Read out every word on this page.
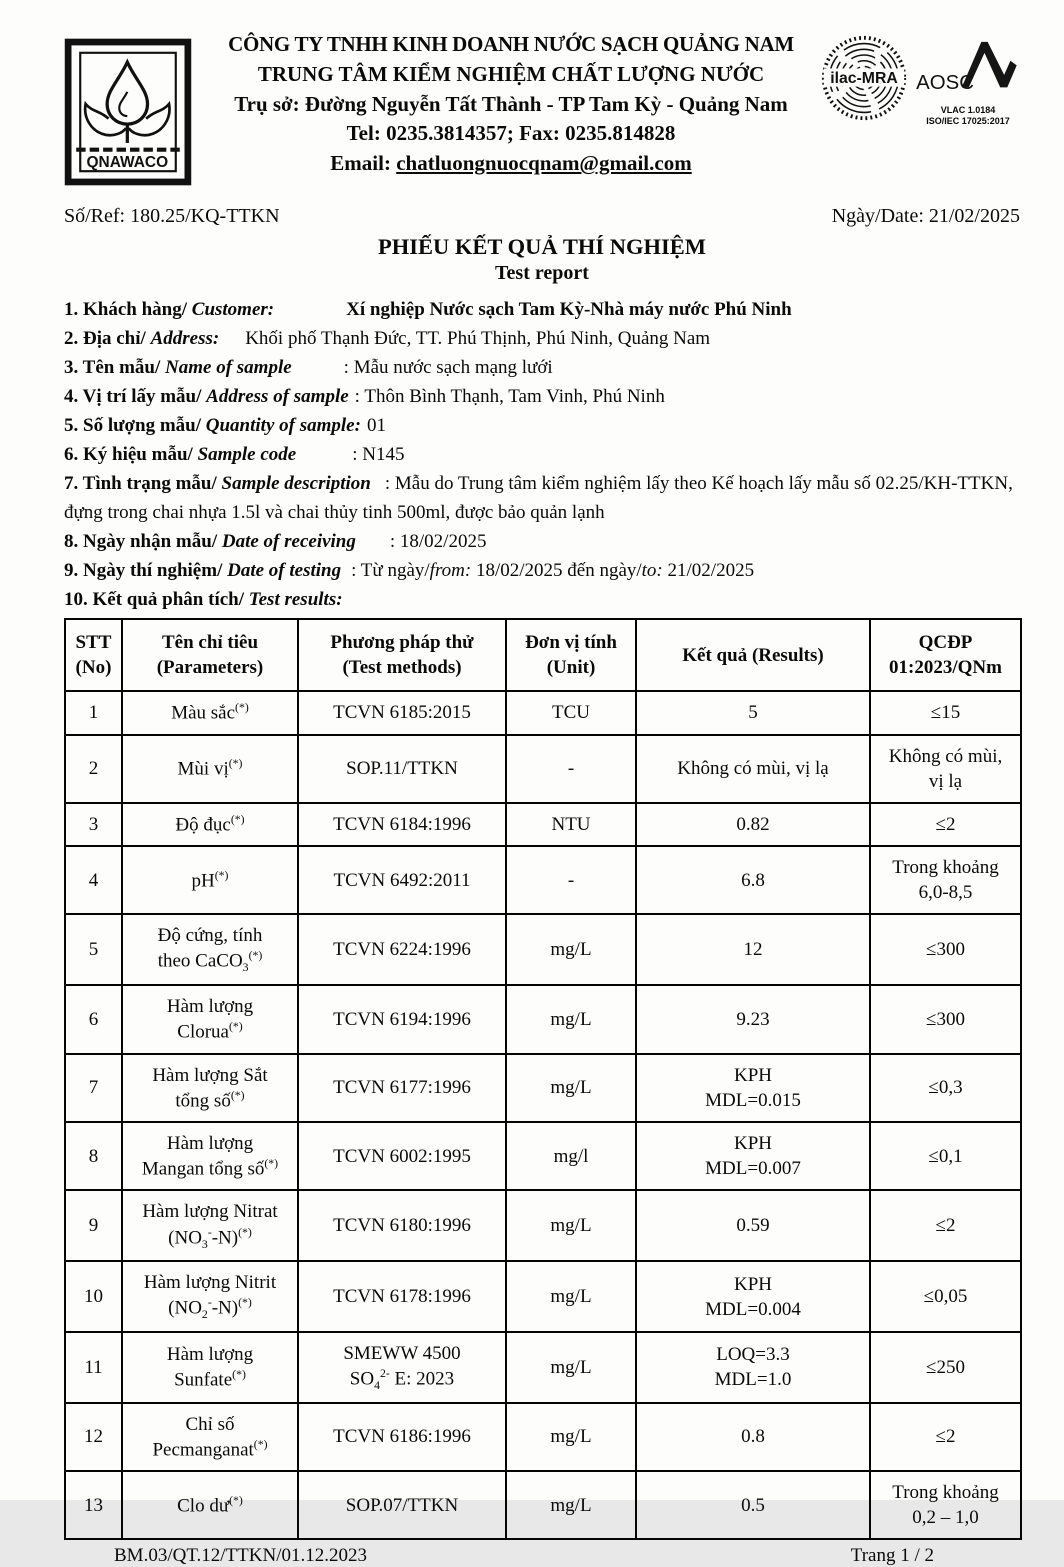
QNAWACO
CÔNG TY TNHH KINH DOANH NƯỚC SẠCH QUẢNG NAM
TRUNG TÂM KIỂM NGHIỆM CHẤT LƯỢNG NƯỚC
Trụ sở: Đường Nguyễn Tất Thành - TP Tam Kỳ - Quảng Nam
Tel: 0235.3814357; Fax: 0235.814828
Email: chatluongnuocqnam@gmail.com
ilac-MRA AOSC
VLAC 1.0184
ISO/IEC 17025:2017
Số/Ref: 180.25/KQ-TTKN	Ngày/Date: 21/02/2025
PHIẾU KẾT QUẢ THÍ NGHIỆM
Test report
1. Khách hàng/ Customer:	Xí nghiệp Nước sạch Tam Kỳ-Nhà máy nước Phú Ninh
2. Địa chỉ/ Address: Khối phố Thạnh Đức, TT. Phú Thịnh, Phú Ninh, Quảng Nam
3. Tên mẫu/ Name of sample	: Mẫu nước sạch mạng lưới
4. Vị trí lấy mẫu/ Address of sample : Thôn Bình Thạnh, Tam Vinh, Phú Ninh
5. Số lượng mẫu/ Quantity of sample: 01
6. Ký hiệu mẫu/ Sample code	: N145
7. Tình trạng mẫu/ Sample description : Mẫu do Trung tâm kiểm nghiệm lấy theo Kế hoạch lấy mẫu số 02.25/KH-TTKN, đựng trong chai nhựa 1.5l và chai thủy tinh 500ml, được bảo quản lạnh
8. Ngày nhận mẫu/ Date of receiving : 18/02/2025
9. Ngày thí nghiệm/ Date of testing : Từ ngày/from: 18/02/2025 đến ngày/to: 21/02/2025
10. Kết quả phân tích/ Test results:
STT
(No)	Tên chỉ tiêu
(Parameters)	Phương pháp thử
(Test methods)	Đơn vị tính
(Unit)	Kết quả (Results)	QCĐP
01:2023/QNm
1	Màu sắc(*)	TCVN 6185:2015	TCU	5	≤15
2	Mùi vị(*)	SOP.11/TTKN	-	Không có mùi, vị lạ	Không có mùi,
vị lạ
3	Độ đục(*)	TCVN 6184:1996	NTU	0.82	≤2
4	pH(*)	TCVN 6492:2011	-	6.8	Trong khoảng
6,0-8,5
5	Độ cứng, tính
theo CaCO$_3$(*)	TCVN 6224:1996	mg/L	12	≤300
6	Hàm lượng
Clorua(*)	TCVN 6194:1996	mg/L	9.23	≤300
7	Hàm lượng Sắt
tổng số(*)	TCVN 6177:1996	mg/L	KPH
MDL=0.015	≤0,3
8	Hàm lượng
Mangan tổng số(*)	TCVN 6002:1995	mg/l	KPH
MDL=0.007	≤0,1
9	Hàm lượng Nitrat
$(NO_3^--N)^{(*)}$	TCVN 6180:1996	mg/L	0.59	≤2
10	Hàm lượng Nitrit
$(NO_2^--N)^{(*)}$	TCVN 6178:1996	mg/L	KPH
MDL=0.004	≤0,05
11	Hàm lượng
Sunfate(*)	SMEWW 4500
$SO_4^{2-}$ E: 2023	mg/L	LOQ=3.3
MDL=1.0	≤250
12	Chỉ số
Pecmanganat(*)	TCVN 6186:1996	mg/L	0.8	≤2
13	Clo dư(*)	SOP.07/TTKN	mg/L	0.5	Trong khoảng
0,2 – 1,0
BM.03/QT.12/TTKN/01.12.2023	Trang 1 / 2
